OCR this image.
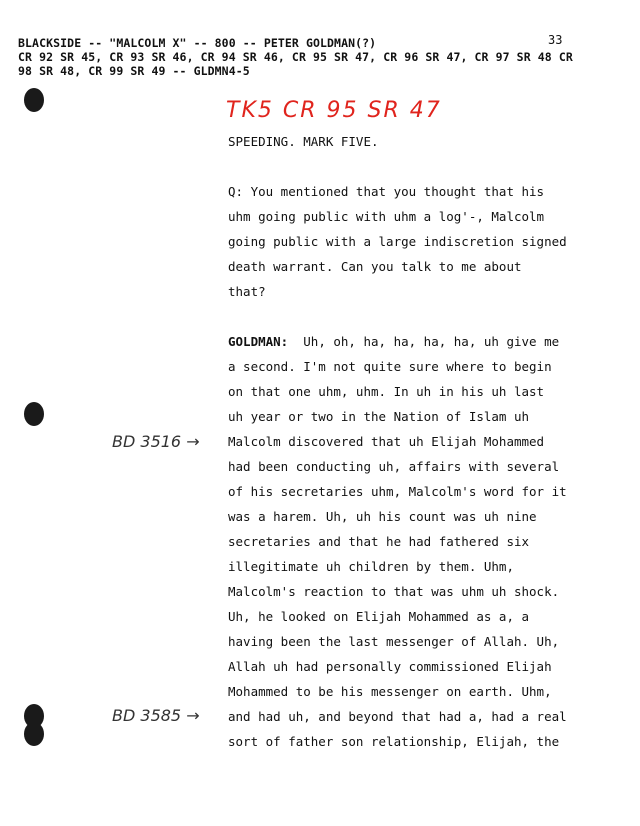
BLACKSIDE -- "MALCOLM X" -- 800 -- PETER GOLDMAN(?)
CR 92 SR 45, CR 93 SR 46, CR 94 SR 46, CR 95 SR 47, CR 96 SR 47, CR 97 SR 48 CR
98 SR 48, CR 99 SR 49 -- GLDMN4-5
33
TK5 CR 95 SR 47
BD 3516 →
BD 3585 →
SPEEDING. MARK FIVE.
Q: You mentioned that you thought that his
uhm going public with uhm a log'-, Malcolm
going public with a large indiscretion signed
death warrant. Can you talk to me about
that?
GOLDMAN:  Uh, oh, ha, ha, ha, ha, uh give me
a second. I'm not quite sure where to begin
on that one uhm, uhm. In uh in his uh last
uh year or two in the Nation of Islam uh
Malcolm discovered that uh Elijah Mohammed
had been conducting uh, affairs with several
of his secretaries uhm, Malcolm's word for it
was a harem. Uh, uh his count was uh nine
secretaries and that he had fathered six
illegitimate uh children by them. Uhm,
Malcolm's reaction to that was uhm uh shock.
Uh, he looked on Elijah Mohammed as a, a
having been the last messenger of Allah. Uh,
Allah uh had personally commissioned Elijah
Mohammed to be his messenger on earth. Uhm,
and had uh, and beyond that had a, had a real
sort of father son relationship, Elijah, the
